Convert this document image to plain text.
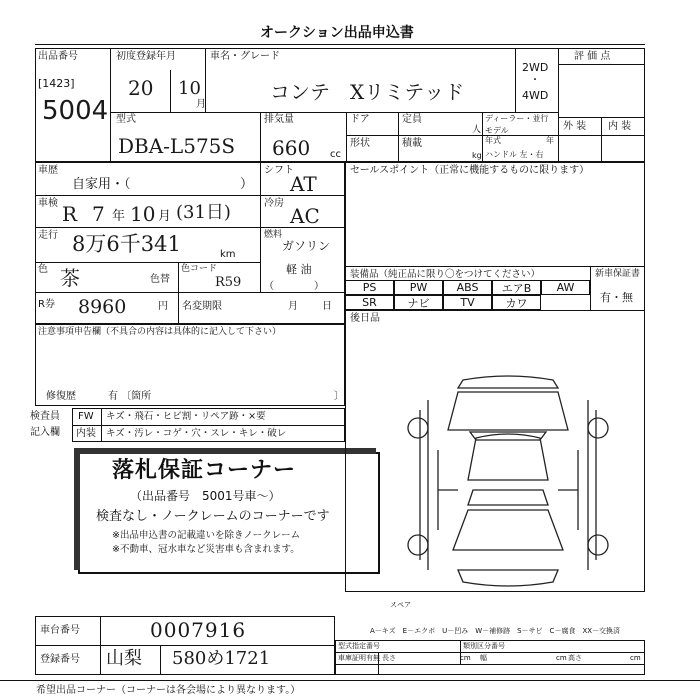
オークション出品申込書
出品番号
[1423]
5004
初度登録年月
20 10
月
車名・グレード
コンテ　Xリミテッド
2WD
・
4WD
評 価 点
外 装 内 装
型式
DBA-L575S
排気量
660 cc
ドア	定員
人
ディーラー・並行
モデル
年式	年
形状	積載
kg ハンドル 左・右
車歴
自家用・（	）
シフト
AT
車検 R 7 年 10 月 (31日)	冷房
AC
走行 8万6千341	km
燃料
ガソリン
軽 油
（　　　　）
色 茶	色替
色コード
R59
R券 8960	円 名変期限	月 日
注意事項申告欄（不具合の内容は具体的に記入して下さい）
修復歴	有 〔箇所	〕
検査員
記入欄
FW キズ・飛石・ヒビ割・リペア跡・×要
内装 キズ・汚レ・コゲ・穴・スレ・キレ・破レ
落札保証コーナー
（出品番号　5001号車～）
検査なし・ノークレームのコーナーです
※出品申込書の記載違いを除きノークレーム
※不動車、冠水車など災害車も含まれます。
セールスポイント（正常に機能するものに限ります）
装備品（純正品に限り〇をつけてください）	新車保証書
有・無
PS	PW	ABS	エアB	AW
SR	ナビ	TV	カワ
後日品
スペア
A－キズ　E－エクボ　U－凹み　W－補修跡　S－サビ　C－腐食　XX－交換済
型式指定番号	類別区分番号
車庫証明有無 長さ	cm 幅	cm 高さ	cm
車台番号	0007916
登録番号 山梨 580め1721
希望出品コーナー（コーナーは各会場により異なります。）
